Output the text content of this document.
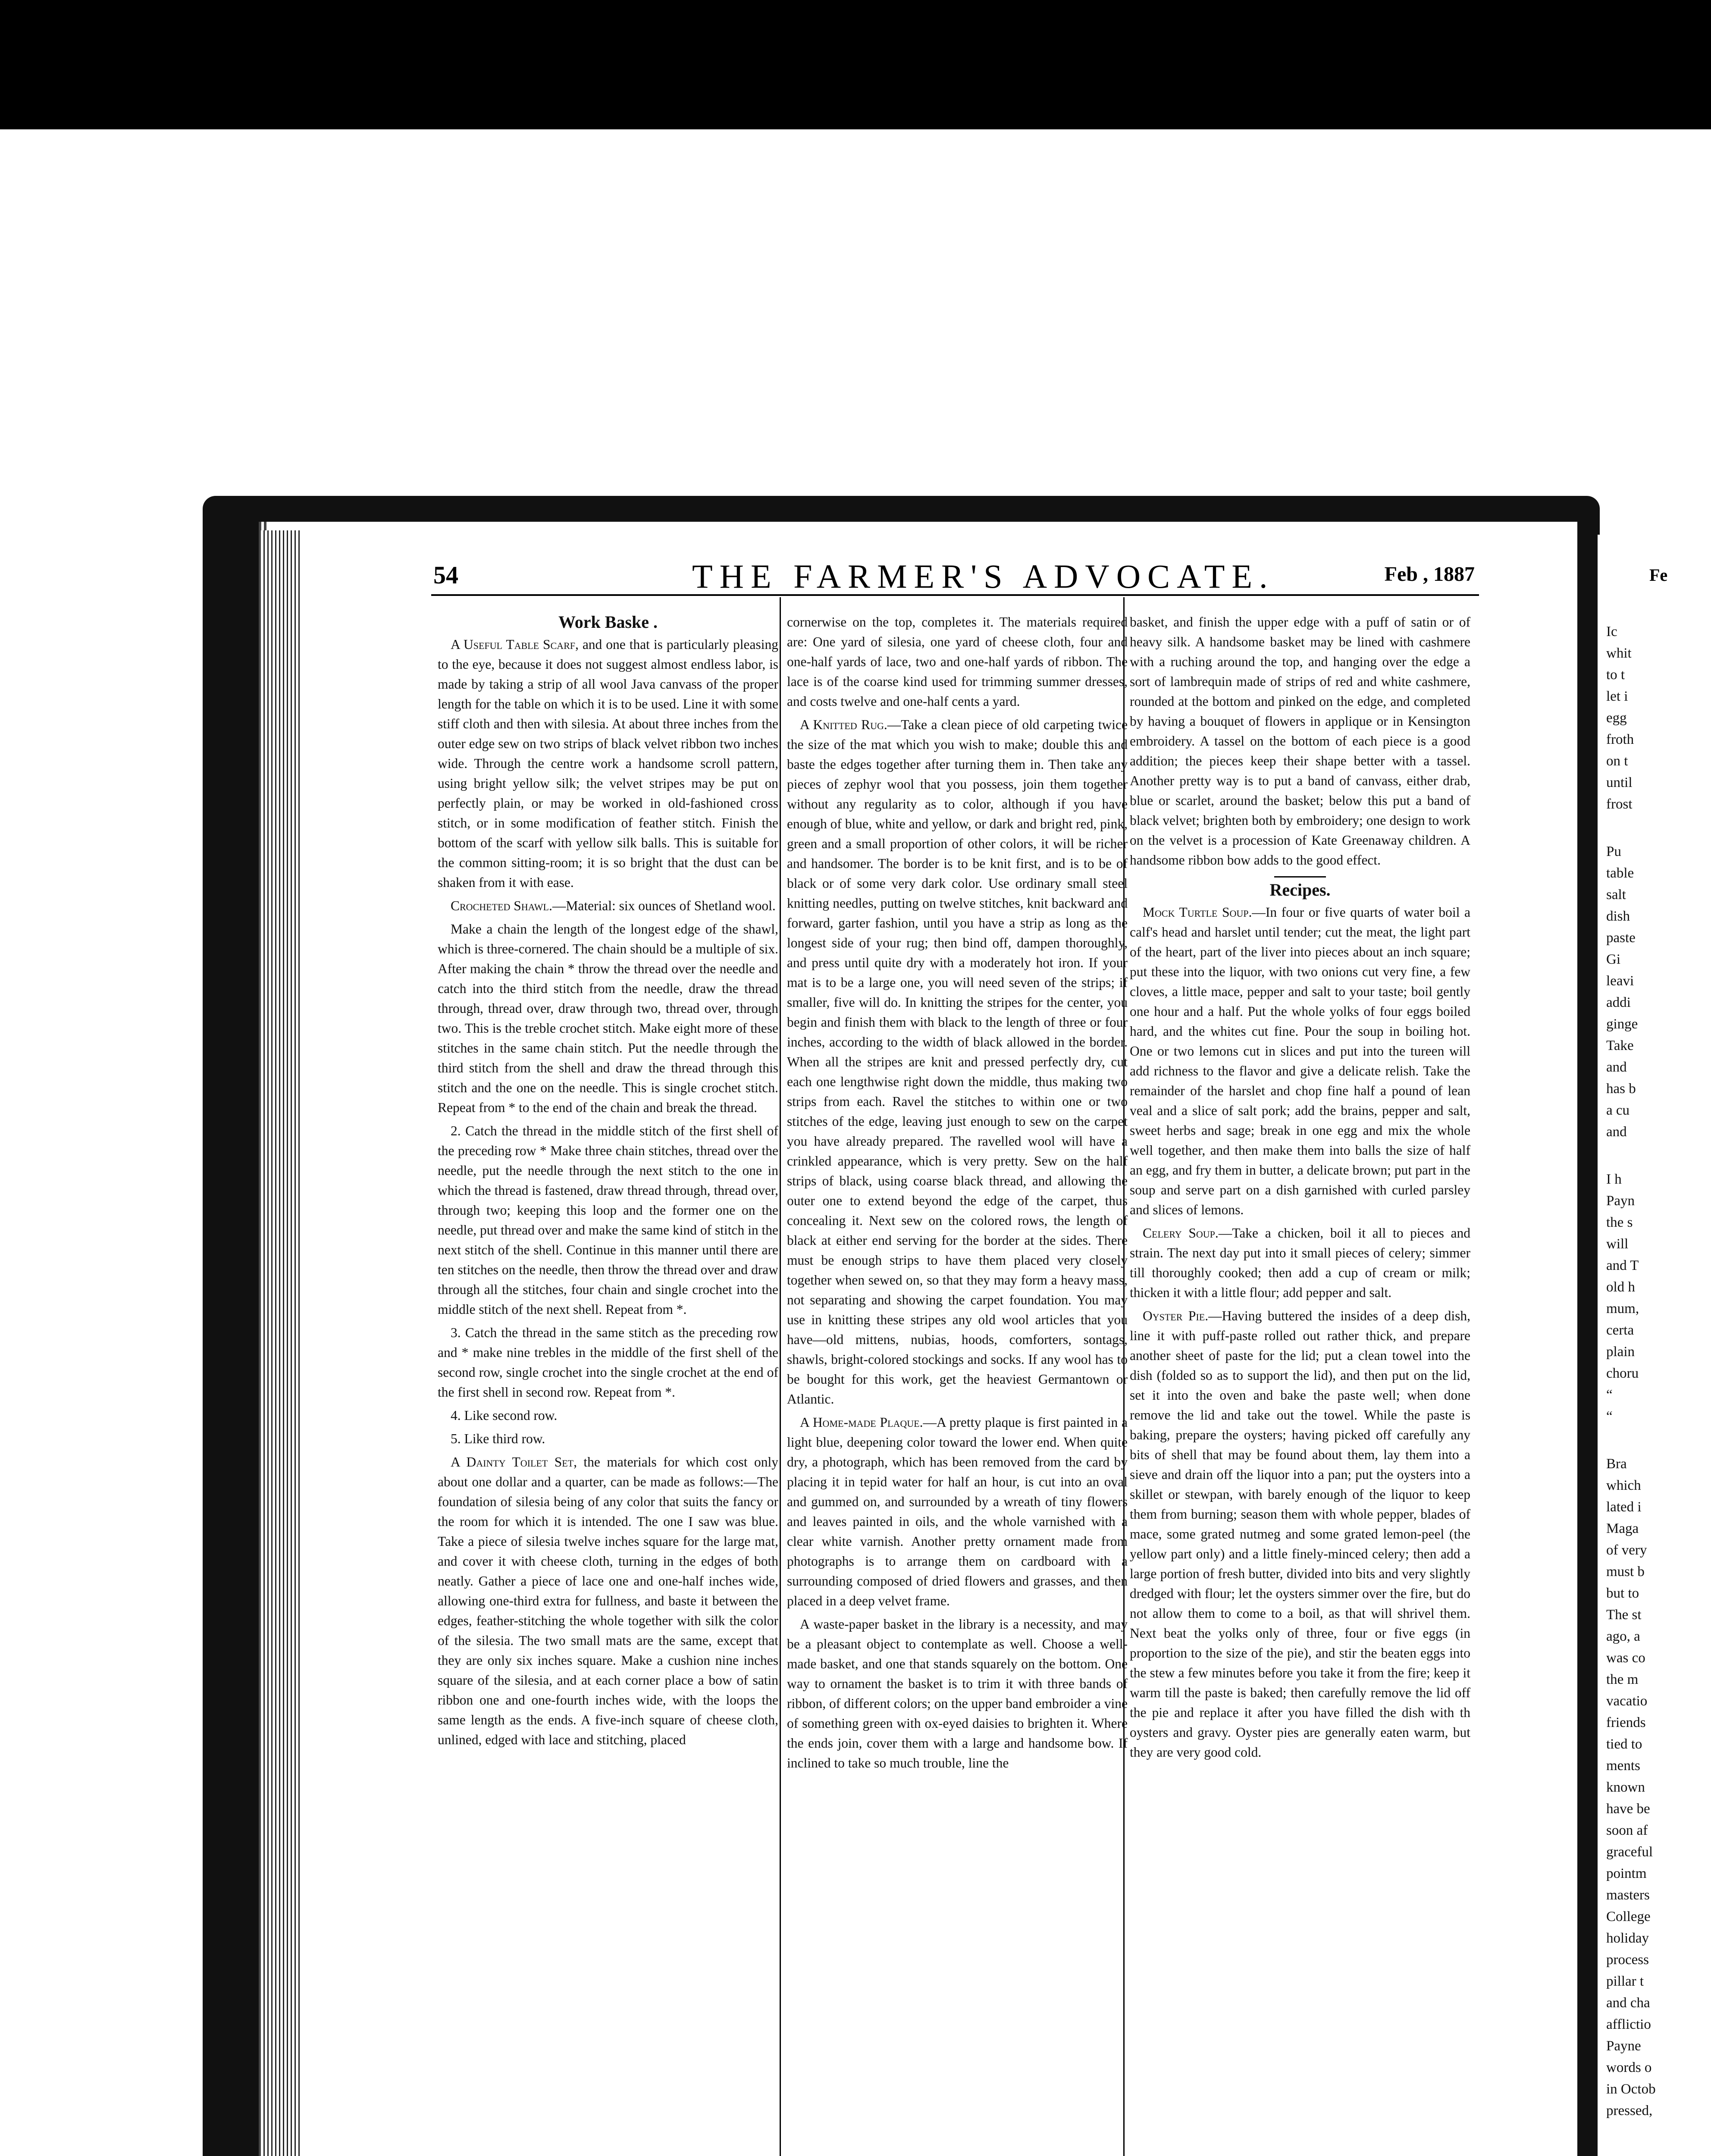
Fe
Ic
whit
to t
let i
egg
froth
on t
until
frost
Pu
table
salt
dish
paste
Gi
leavi
addi
ginge
Take
and
has b
a cu
and
I h
Payn
the s
will
and T
old h
mum,
certa
plain
choru
“
“
Bra
which
lated i
Maga
of very
must b
but to
The st
ago, a
was co
the m
vacatio
friends
tied to
ments
known
have be
soon af
graceful
pointm
masters
College
holiday
process
pillar t
and cha
afflictio
Payne
words o
in Octob
pressed,
54	THE FARMER'S ADVOCATE.	Feb , 1887
Work Baske .

A Useful Table Scarf, and one that is particularly pleasing to the eye, because it does not suggest almost endless labor, is made by taking a strip of all wool Java canvass of the proper length for the table on which it is to be used. Line it with some stiff cloth and then with silesia. At about three inches from the outer edge sew on two strips of black velvet ribbon two inches wide. Through the centre work a handsome scroll pattern, using bright yellow silk; the velvet stripes may be put on perfectly plain, or may be worked in old-fashioned cross stitch, or in some modification of feather stitch. Finish the bottom of the scarf with yellow silk balls. This is suitable for the common sitting-room; it is so bright that the dust can be shaken from it with ease.

Crocheted Shawl.—Material: six ounces of Shetland wool.

Make a chain the length of the longest edge of the shawl, which is three-cornered. The chain should be a multiple of six. After making the chain * throw the thread over the needle and catch into the third stitch from the needle, draw the thread through, thread over, draw through two, thread over, through two. This is the treble crochet stitch. Make eight more of these stitches in the same chain stitch. Put the needle through the third stitch from the shell and draw the thread through this stitch and the one on the needle. This is single crochet stitch. Repeat from * to the end of the chain and break the thread.

2. Catch the thread in the middle stitch of the first shell of the preceding row * Make three chain stitches, thread over the needle, put the needle through the next stitch to the one in which the thread is fastened, draw thread through, thread over, through two; keeping this loop and the former one on the needle, put thread over and make the same kind of stitch in the next stitch of the shell. Continue in this manner until there are ten stitches on the needle, then throw the thread over and draw through all the stitches, four chain and single crochet into the middle stitch of the next shell. Repeat from *.

3. Catch the thread in the same stitch as the preceding row and * make nine trebles in the middle of the first shell of the second row, single crochet into the single crochet at the end of the first shell in second row. Repeat from *.

4. Like second row.

5. Like third row.

A Dainty Toilet Set, the materials for which cost only about one dollar and a quarter, can be made as follows:—The foundation of silesia being of any color that suits the fancy or the room for which it is intended. The one I saw was blue. Take a piece of silesia twelve inches square for the large mat, and cover it with cheese cloth, turning in the edges of both neatly. Gather a piece of lace one and one-half inches wide, allowing one-third extra for fullness, and baste it between the edges, feather-stitching the whole together with silk the color of the silesia. The two small mats are the same, except that they are only six inches square. Make a cushion nine inches square of the silesia, and at each corner place a bow of satin ribbon one and one-fourth inches wide, with the loops the same length as the ends. A five-inch square of cheese cloth, unlined, edged with lace and stitching, placed

cornerwise on the top, completes it. The materials required are: One yard of silesia, one yard of cheese cloth, four and one-half yards of lace, two and one-half yards of ribbon. The lace is of the coarse kind used for trimming summer dresses, and costs twelve and one-half cents a yard.

A Knitted Rug.—Take a clean piece of old carpeting twice the size of the mat which you wish to make; double this and baste the edges together after turning them in. Then take any pieces of zephyr wool that you possess, join them together without any regularity as to color, although if you have enough of blue, white and yellow, or dark and bright red, pink, green and a small proportion of other colors, it will be richer and handsomer. The border is to be knit first, and is to be of black or of some very dark color. Use ordinary small steel knitting needles, putting on twelve stitches, knit backward and forward, garter fashion, until you have a strip as long as the longest side of your rug; then bind off, dampen thoroughly, and press until quite dry with a moderately hot iron. If your mat is to be a large one, you will need seven of the strips; if smaller, five will do. In knitting the stripes for the center, you begin and finish them with black to the length of three or four inches, according to the width of black allowed in the border. When all the stripes are knit and pressed perfectly dry, cut each one lengthwise right down the middle, thus making two strips from each. Ravel the stitches to within one or two stitches of the edge, leaving just enough to sew on the carpet you have already prepared. The ravelled wool will have a crinkled appearance, which is very pretty. Sew on the half strips of black, using coarse black thread, and allowing the outer one to extend beyond the edge of the carpet, thus concealing it. Next sew on the colored rows, the length of black at either end serving for the border at the sides. There must be enough strips to have them placed very closely together when sewed on, so that they may form a heavy mass, not separating and showing the carpet foundation. You may use in knitting these stripes any old wool articles that you have—old mittens, nubias, hoods, comforters, sontags, shawls, bright-colored stockings and socks. If any wool has to be bought for this work, get the heaviest Germantown or Atlantic.

A Home-made Plaque.—A pretty plaque is first painted in a light blue, deepening color toward the lower end. When quite dry, a photograph, which has been removed from the card by placing it in tepid water for half an hour, is cut into an oval and gummed on, and surrounded by a wreath of tiny flowers and leaves painted in oils, and the whole varnished with a clear white varnish. Another pretty ornament made from photographs is to arrange them on cardboard with a surrounding composed of dried flowers and grasses, and then placed in a deep velvet frame.

A waste-paper basket in the library is a necessity, and may be a pleasant object to contemplate as well. Choose a well-made basket, and one that stands squarely on the bottom. One way to ornament the basket is to trim it with three bands of ribbon, of different colors; on the upper band embroider a vine of something green with ox-eyed daisies to brighten it. Where the ends join, cover them with a large and handsome bow. If inclined to take so much trouble, line the

basket, and finish the upper edge with a puff of satin or of heavy silk. A handsome basket may be lined with cashmere with a ruching around the top, and hanging over the edge a sort of lambrequin made of strips of red and white cashmere, rounded at the bottom and pinked on the edge, and completed by having a bouquet of flowers in applique or in Kensington embroidery. A tassel on the bottom of each piece is a good addition; the pieces keep their shape better with a tassel. Another pretty way is to put a band of canvass, either drab, blue or scarlet, around the basket; below this put a band of black velvet; brighten both by embroidery; one design to work on the velvet is a procession of Kate Greenaway children. A handsome ribbon bow adds to the good effect.

Recipes.

Mock Turtle Soup.—In four or five quarts of water boil a calf's head and harslet until tender; cut the meat, the light part of the heart, part of the liver into pieces about an inch square; put these into the liquor, with two onions cut very fine, a few cloves, a little mace, pepper and salt to your taste; boil gently one hour and a half. Put the whole yolks of four eggs boiled hard, and the whites cut fine. Pour the soup in boiling hot. One or two lemons cut in slices and put into the tureen will add richness to the flavor and give a delicate relish. Take the remainder of the harslet and chop fine half a pound of lean veal and a slice of salt pork; add the brains, pepper and salt, sweet herbs and sage; break in one egg and mix the whole well together, and then make them into balls the size of half an egg, and fry them in butter, a delicate brown; put part in the soup and serve part on a dish garnished with curled parsley and slices of lemons.

Celery Soup.—Take a chicken, boil it all to pieces and strain. The next day put into it small pieces of celery; simmer till thoroughly cooked; then add a cup of cream or milk; thicken it with a little flour; add pepper and salt.

Oyster Pie.—Having buttered the insides of a deep dish, line it with puff-paste rolled out rather thick, and prepare another sheet of paste for the lid; put a clean towel into the dish (folded so as to support the lid), and then put on the lid, set it into the oven and bake the paste well; when done remove the lid and take out the towel. While the paste is baking, prepare the oysters; having picked off carefully any bits of shell that may be found about them, lay them into a sieve and drain off the liquor into a pan; put the oysters into a skillet or stewpan, with barely enough of the liquor to keep them from burning; season them with whole pepper, blades of mace, some grated nutmeg and some grated lemon-peel (the yellow part only) and a little finely-minced celery; then add a large portion of fresh butter, divided into bits and very slightly dredged with flour; let the oysters simmer over the fire, but do not allow them to come to a boil, as that will shrivel them. Next beat the yolks only of three, four or five eggs (in proportion to the size of the pie), and stir the beaten eggs into the stew a few minutes before you take it from the fire; keep it warm till the paste is baked; then carefully remove the lid off the pie and replace it after you have filled the dish with th oysters and gravy. Oyster pies are generally eaten warm, but they are very good cold.
